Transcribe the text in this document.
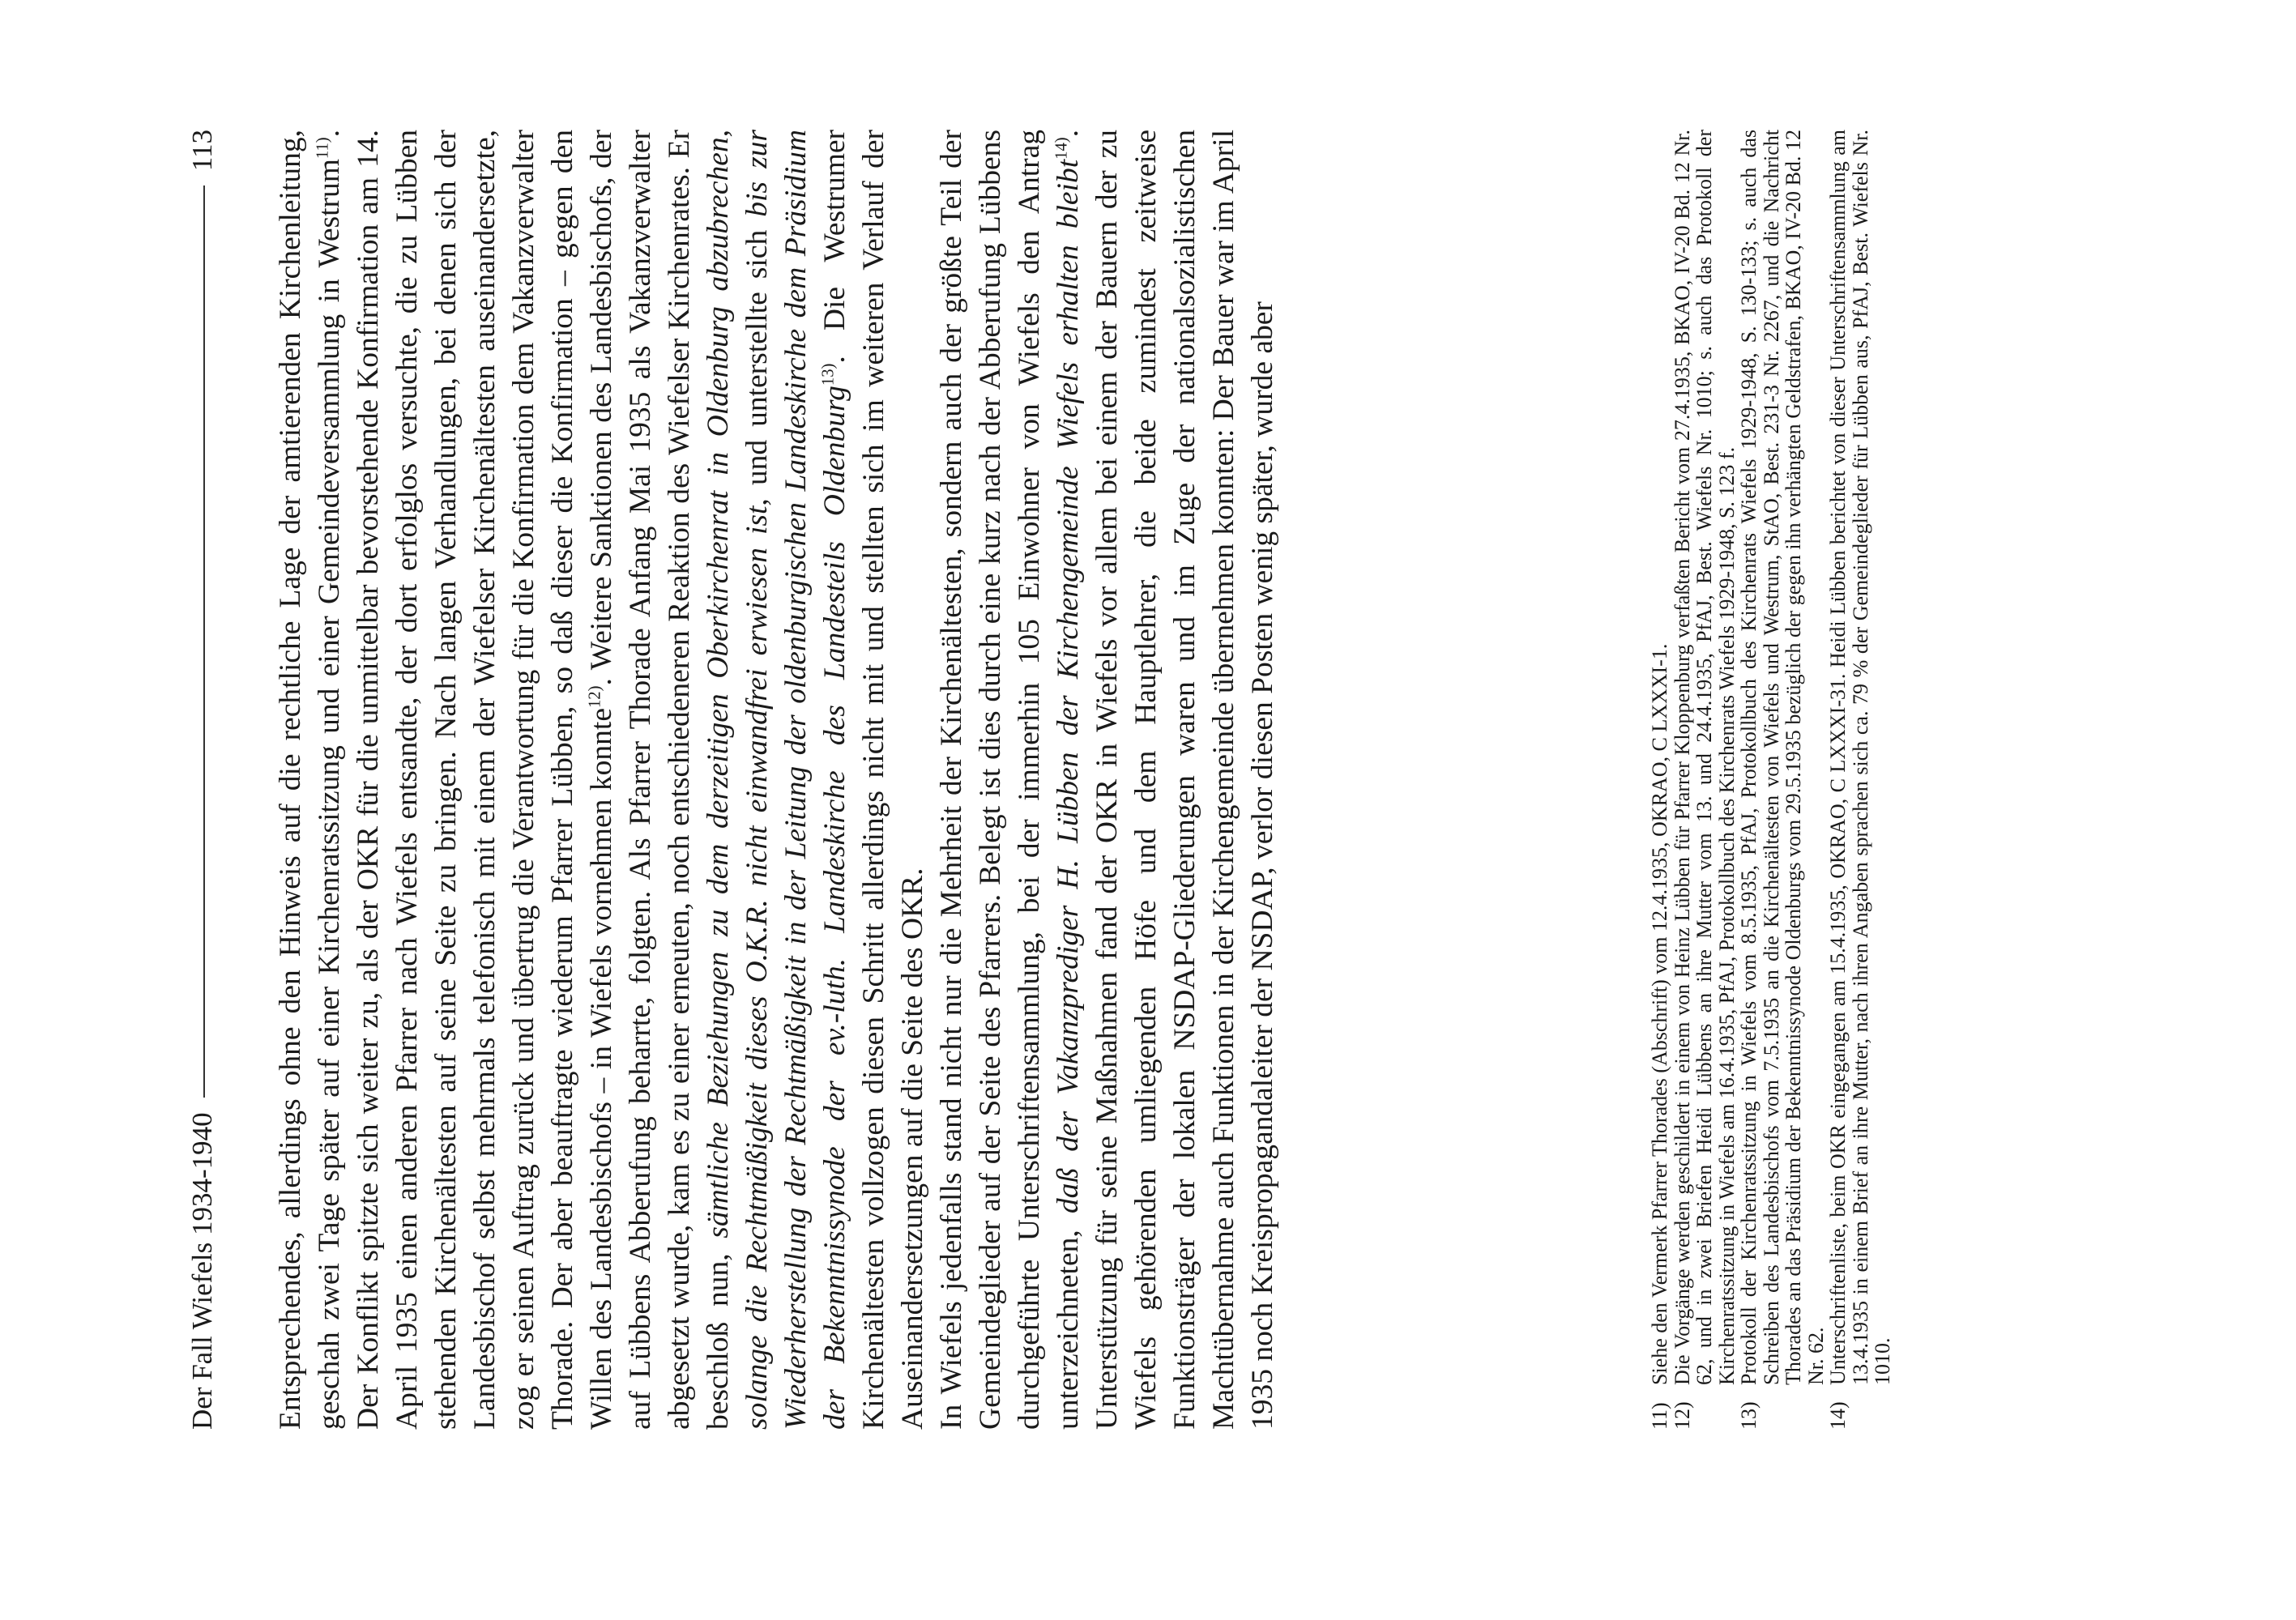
Der Fall Wiefels 1934-1940
113 Entsprechendes, allerdings ohne den Hinweis auf die rechtliche Lage der amtierenden Kirchenleitung, geschah zwei Tage später auf einer Kirchenratssitzung und einer Gemeindeversammlung in Westrum$^{11)}$. Der Konflikt spitzte sich weiter zu, als der OKR für die unmittelbar bevorstehende Konfirmation am 14. April 1935 einen anderen Pfarrer nach Wiefels entsandte, der dort erfolglos versuchte, die zu Lübben stehenden Kirchenältesten auf seine Seite zu bringen. Nach langen Verhandlungen, bei denen sich der Landesbischof selbst mehrmals telefonisch mit einem der Wiefelser Kirchenältesten auseinandersetzte, zog er seinen Auftrag zurück und übertrug die Verantwortung für die Konfirmation dem Vakanzverwalter Thorade. Der aber beauftragte wiederum Pfarrer Lübben, so daß dieser die Konfirmation – gegen den Willen des Landesbischofs – in Wiefels vornehmen konnte$^{12)}$. Weitere Sanktionen des Landesbischofs, der auf Lübbens Abberufung beharrte, folgten. Als Pfarrer Thorade Anfang Mai 1935 als Vakanzverwalter abgesetzt wurde, kam es zu einer erneuten, noch entschiedeneren Reaktion des Wiefelser Kirchenrates. Er beschloß nun, sämtliche Beziehungen zu dem derzeitigen Oberkirchenrat in Oldenburg abzubrechen, solange die Rechtmäßigkeit dieses O.K.R. nicht einwandfrei erwiesen ist, und unterstellte sich bis zur Wiederherstellung der Rechtmäßigkeit in der Leitung der oldenburgischen Landeskirche dem Präsidium der Bekenntnissynode der ev.-luth. Landeskirche des Landesteils Oldenburg$^{13)}$. Die Westrumer Kirchenältesten vollzogen diesen Schritt allerdings nicht mit und stellten sich im weiteren Verlauf der Auseinandersetzungen auf die Seite des OKR. In Wiefels jedenfalls stand nicht nur die Mehrheit der Kirchenältesten, sondern auch der größte Teil der Gemeindeglieder auf der Seite des Pfarrers. Belegt ist dies durch eine kurz nach der Abberufung Lübbens durchgeführte Unterschriftensammlung, bei der immerhin 105 Einwohner von Wiefels den Antrag unterzeichneten, daß der Vakanzprediger H. Lübben der Kirchengemeinde Wiefels erhalten bleibt$^{14)}$. Unterstützung für seine Maßnahmen fand der OKR in Wiefels vor allem bei einem der Bauern der zu Wiefels gehörenden umliegenden Höfe und dem Hauptlehrer, die beide zumindest zeitweise Funktionsträger der lokalen NSDAP-Gliederungen waren und im Zuge der nationalsozialistischen Machtübernahme auch Funktionen in der Kirchengemeinde übernehmen konnten: Der Bauer war im April 1935 noch Kreispropagandaleiter der NSDAP, verlor diesen Posten wenig später, wurde aber	11)
Siehe den Vermerk Pfarrer Thorades (Abschrift) vom 12.4.1935, OKRAO, C LXXXI-1.
12)
Die Vorgänge werden geschildert in einem von Heinz Lübben für Pfarrer Kloppenburg verfaßten Bericht vom 27.4.1935, BKAO, IV-20 Bd. 12 Nr. 62, und in zwei Briefen Heidi Lübbens an ihre Mutter vom 13. und 24.4.1935, PfAJ, Best. Wiefels Nr. 1010; s. auch das Protokoll der Kirchenratssitzung in Wiefels am 16.4.1935, PfAJ, Protokollbuch des Kirchenrats Wiefels 1929-1948, S. 123 f.
13)
Protokoll der Kirchenratssitzung in Wiefels vom 8.5.1935, PfAJ, Protokollbuch des Kirchenrats Wiefels 1929-1948, S. 130-133; s. auch das Schreiben des Landesbischofs vom 7.5.1935 an die Kirchenältesten von Wiefels und Westrum, StAO, Best. 231-3 Nr. 2267, und die Nachricht Thorades an das Präsidium der Bekenntnissynode Oldenburgs vom 29.5.1935 bezüglich der gegen ihn verhängten Geldstrafen, BKAO, IV-20 Bd. 12 Nr. 62.
14)
Unterschriftenliste, beim OKR eingegangen am 15.4.1935, OKRAO, C LXXXI-31. Heidi Lübben berichtet von dieser Unterschriftensammlung am 13.4.1935 in einem Brief an ihre Mutter, nach ihren Angaben sprachen sich ca. 79 % der Gemeindeglieder für Lübben aus, PfAJ, Best. Wiefels Nr. 1010.
